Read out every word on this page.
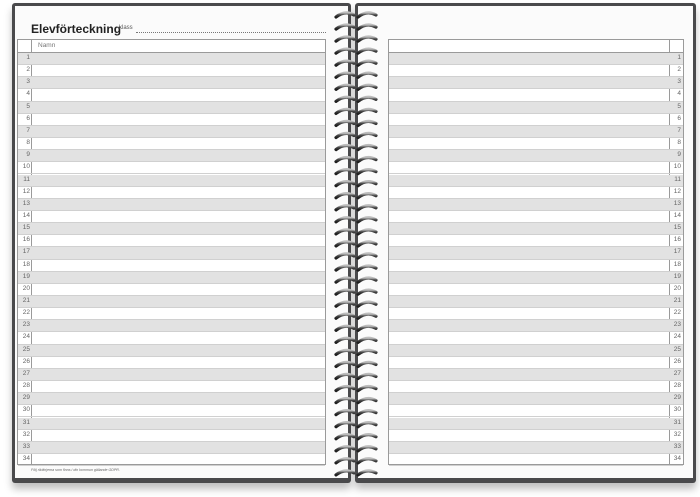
Elevförteckning
klass
Namn
1
2
3
4
5
6
7
8
9
10
11
12
13
14
15
16
17
18
19
20
21
22
23
24
25
26
27
28
29
30
31
32
33
34
Följ riktlinjerna som finns i din kommun gällande GDPR.
1
2
3
4
5
6
7
8
9
10
11
12
13
14
15
16
17
18
19
20
21
22
23
24
25
26
27
28
29
30
31
32
33
34
